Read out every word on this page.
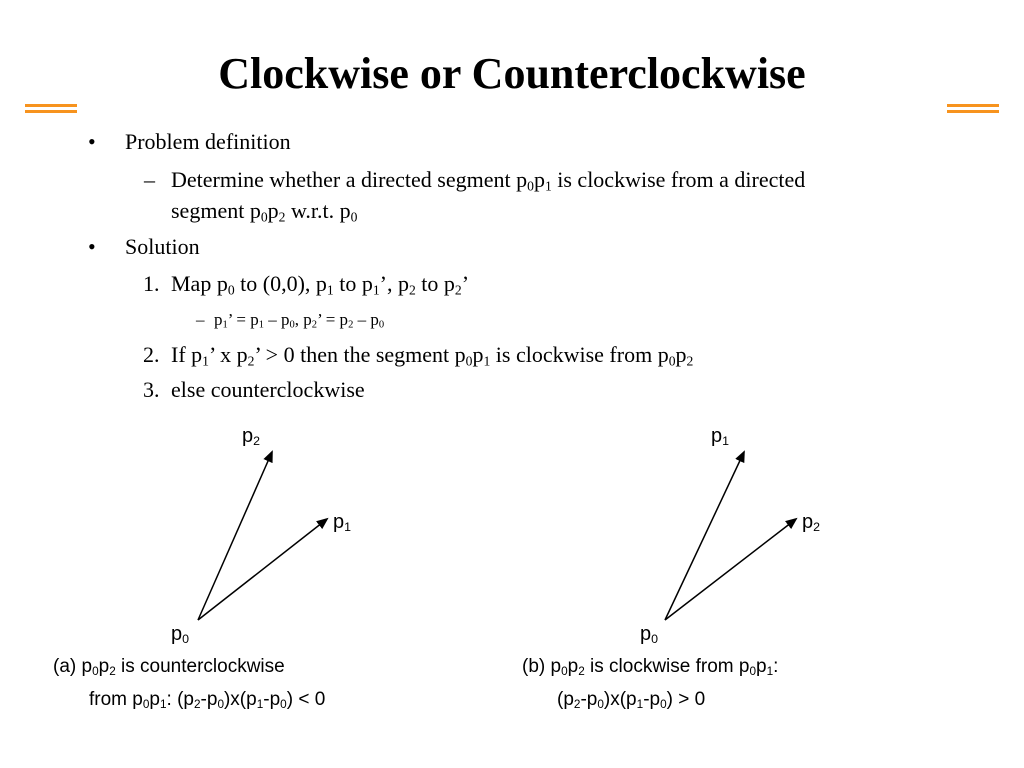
Clockwise or Counterclockwise
• Problem definition
– Determine whether a directed segment $p_0p_1$ is clockwise from a directed
segment $p_0p_2$ w.r.t. $p_0$
• Solution
1. Map $p_0$ to (0,0), $p_1$ to $p_1$’, $p_2$ to $p_2$’
– $p_1$’ = $p_1 - p_0$, $p_2$’ = $p_2 - p_0$
2. If $p_1$’ x $p_2$’ > 0 then the segment $p_0p_1$ is clockwise from $p_0p_2$
3. else counterclockwise
$p_2$
$p_1$
$p_0$
$p_1$
$p_2$
$p_0$
(a) $p_0p_2$ is counterclockwise
from $p_0p_1$: $(p_2-p_0)x(p_1-p_0) < 0$
(b) $p_0p_2$ is clockwise from $p_0p_1$:
$(p_2-p_0)x(p_1-p_0) > 0$
